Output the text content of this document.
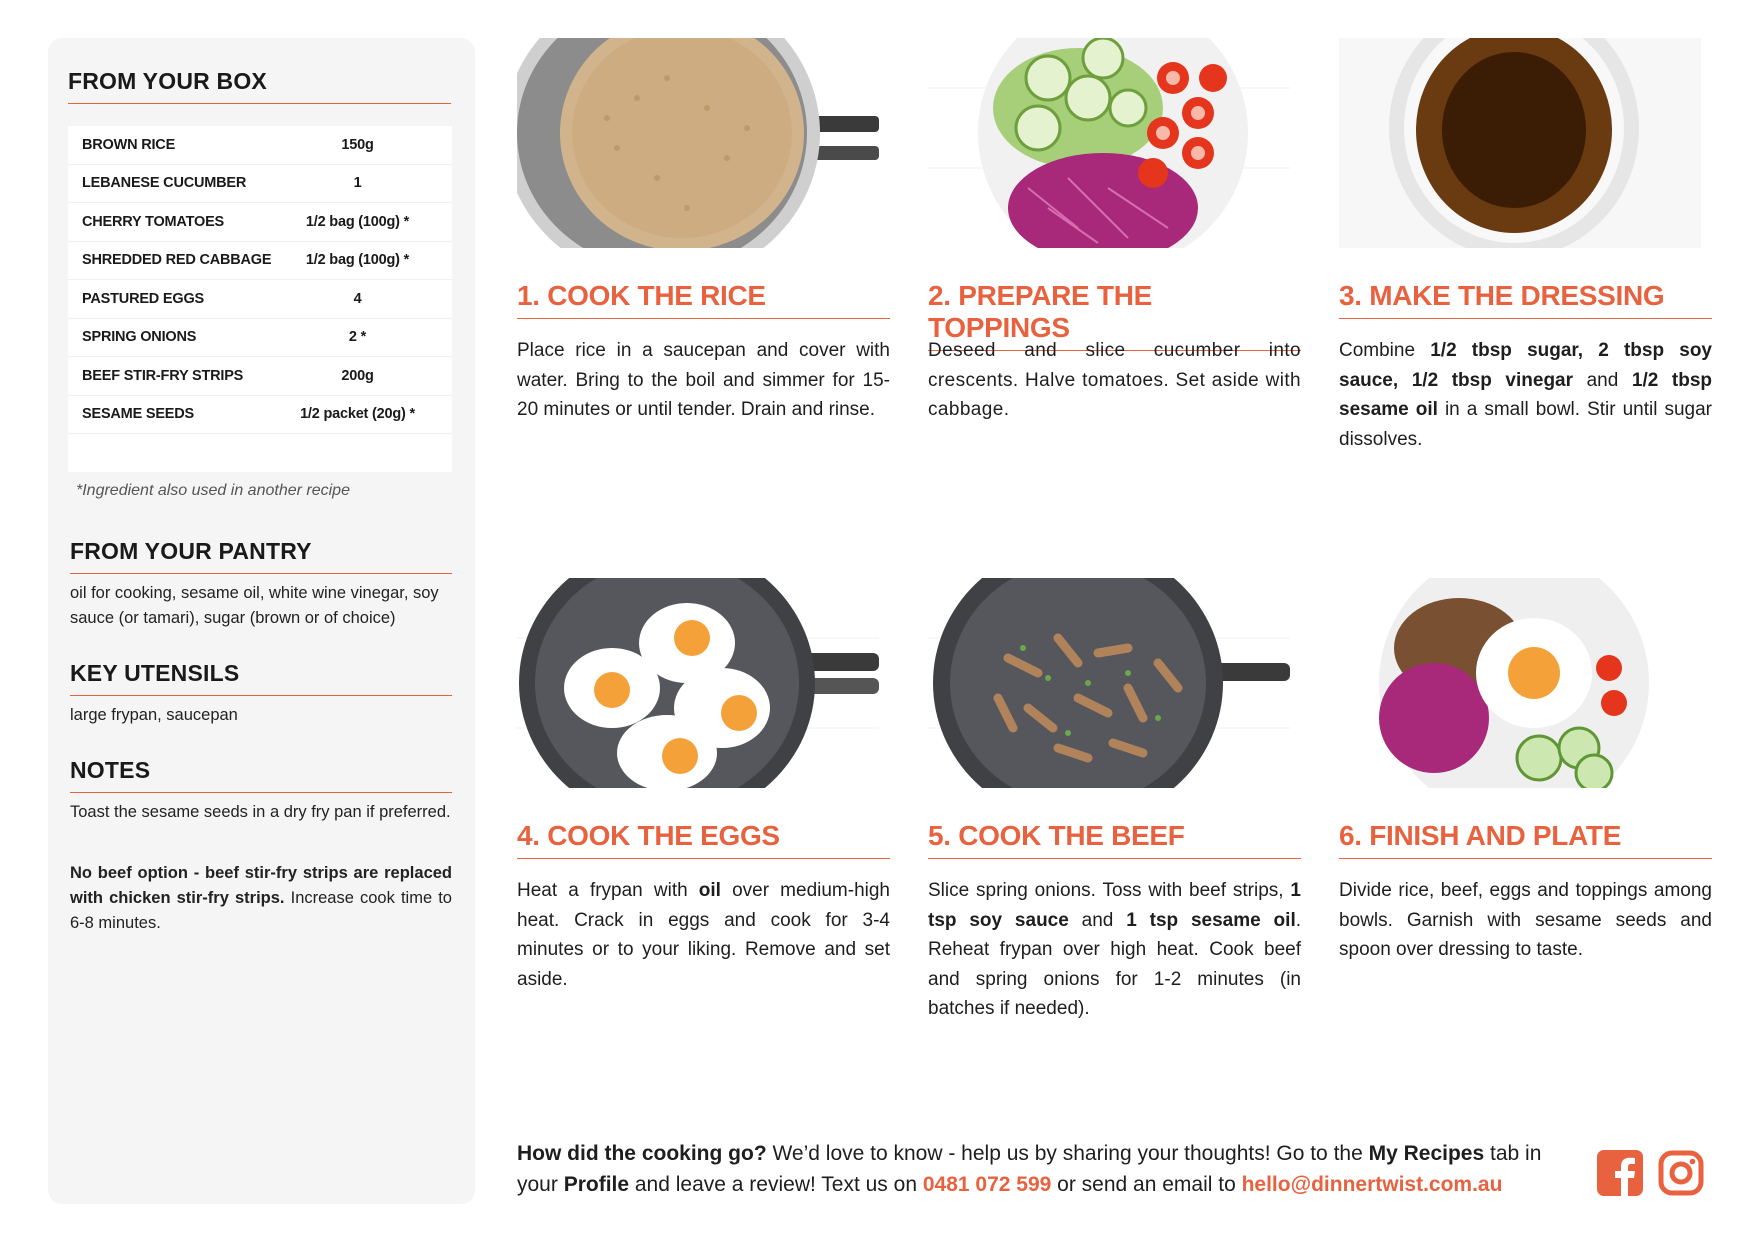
FROM YOUR BOX
BROWN RICE	150g
LEBANESE CUCUMBER	1
CHERRY TOMATOES	1/2 bag (100g) *
SHREDDED RED CABBAGE	1/2 bag (100g) *
PASTURED EGGS	4
SPRING ONIONS	2 *
BEEF STIR-FRY STRIPS	200g
SESAME SEEDS	1/2 packet (20g) *
*Ingredient also used in another recipe
FROM YOUR PANTRY
oil for cooking, sesame oil, white wine vinegar, soy sauce (or tamari), sugar (brown or of choice)
KEY UTENSILS
large frypan, saucepan
NOTES
Toast the sesame seeds in a dry fry pan if preferred.
No beef option - beef stir-fry strips are replaced with chicken stir-fry strips. Increase cook time to 6-8 minutes.
1. COOK THE RICE
Place rice in a saucepan and cover with water. Bring to the boil and simmer for 15-20 minutes or until tender. Drain and rinse.
2. PREPARE THE TOPPINGS
Deseed and slice cucumber into crescents. Halve tomatoes. Set aside with cabbage.
3. MAKE THE DRESSING
Combine 1/2 tbsp sugar, 2 tbsp soy sauce, 1/2 tbsp vinegar and 1/2 tbsp sesame oil in a small bowl. Stir until sugar dissolves.
4. COOK THE EGGS
Heat a frypan with oil over medium-high heat. Crack in eggs and cook for 3-4 minutes or to your liking. Remove and set aside.
5. COOK THE BEEF
Slice spring onions. Toss with beef strips, 1 tsp soy sauce and 1 tsp sesame oil. Reheat frypan over high heat. Cook beef and spring onions for 1-2 minutes (in batches if needed).
6. FINISH AND PLATE
Divide rice, beef, eggs and toppings among bowls. Garnish with sesame seeds and spoon over dressing to taste.
How did the cooking go? We’d love to know - help us by sharing your thoughts! Go to the My Recipes tab in your Profile and leave a review! Text us on 0481 072 599 or send an email to hello@dinnertwist.com.au
